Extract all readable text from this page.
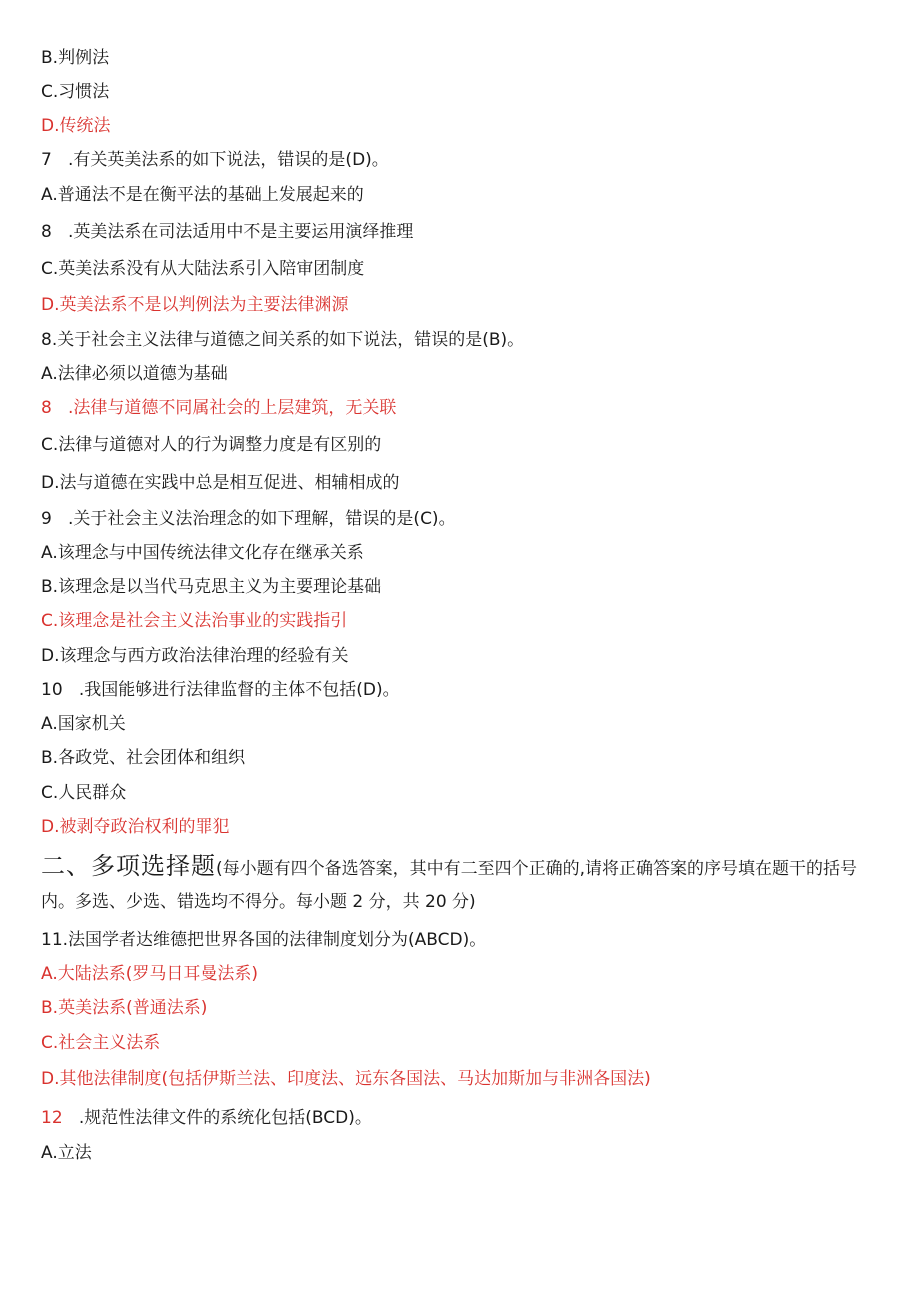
B.判例法
C.习惯法
D.传统法
7   .有关英美法系的如下说法，错误的是(D)。
A.普通法不是在衡平法的基础上发展起来的
8   .英美法系在司法适用中不是主要运用演绎推理
C.英美法系没有从大陆法系引入陪审团制度
D.英美法系不是以判例法为主要法律渊源
8.关于社会主义法律与道德之间关系的如下说法，错误的是(B)。
A.法律必须以道德为基础
8   .法律与道德不同属社会的上层建筑，无关联
C.法律与道德对人的行为调整力度是有区别的
D.法与道德在实践中总是相互促进、相辅相成的
9   .关于社会主义法治理念的如下理解，错误的是(C)。
A.该理念与中国传统法律文化存在继承关系
B.该理念是以当代马克思主义为主要理论基础
C.该理念是社会主义法治事业的实践指引
D.该理念与西方政治法律治理的经验有关
10   .我国能够进行法律监督的主体不包括(D)。
A.国家机关
B.各政党、社会团体和组织
C.人民群众
D.被剥夺政治权利的罪犯
二、多项选择题(每小题有四个备选答案，其中有二至四个正确的,请将正确答案的序号填在题干的括号内。多选、少选、错选均不得分。每小题 2 分，共 20 分)
11.法国学者达维德把世界各国的法律制度划分为(ABCD)。
A.大陆法系(罗马日耳曼法系)
B.英美法系(普通法系)
C.社会主义法系
D.其他法律制度(包括伊斯兰法、印度法、远东各国法、马达加斯加与非洲各国法)
12   .规范性法律文件的系统化包括(BCD)。
A.立法
